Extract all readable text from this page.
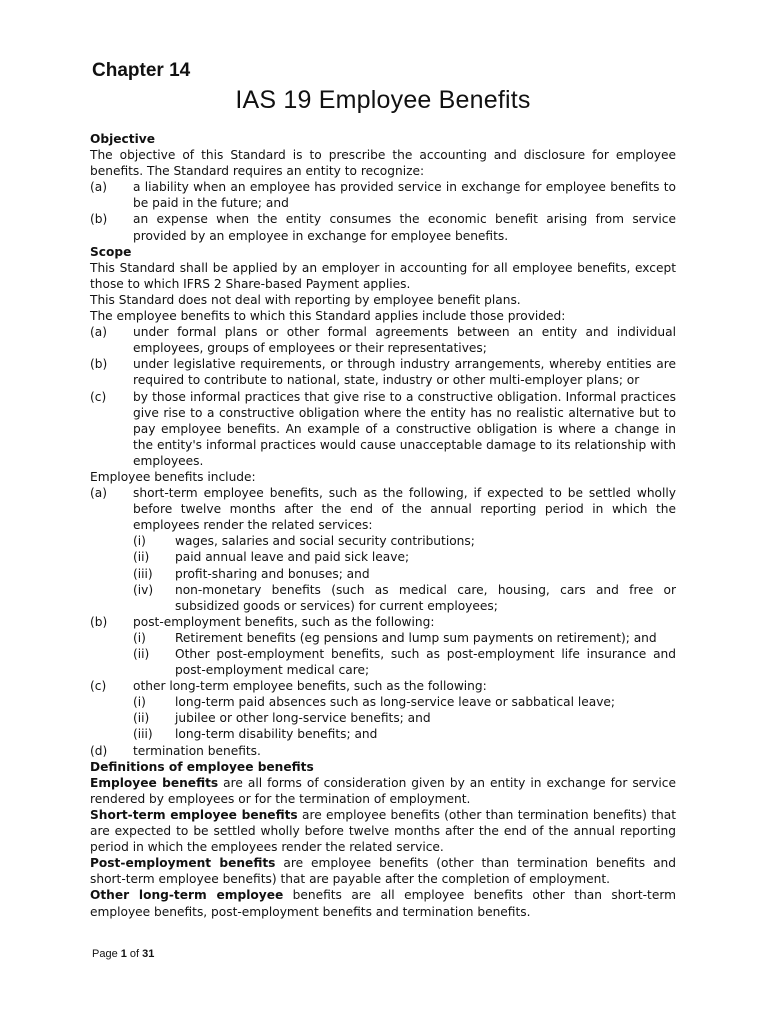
Chapter 14
IAS 19 Employee Benefits
Objective

The objective of this Standard is to prescribe the accounting and disclosure for employee benefits. The Standard requires an entity to recognize:

(a)	a liability when an employee has provided service in exchange for employee benefits to be paid in the future; and
(b)	an expense when the entity consumes the economic benefit arising from service provided by an employee in exchange for employee benefits.
Scope

This Standard shall be applied by an employer in accounting for all employee benefits, except those to which IFRS 2 Share-based Payment applies.

This Standard does not deal with reporting by employee benefit plans.

The employee benefits to which this Standard applies include those provided:

(a)	under formal plans or other formal agreements between an entity and individual employees, groups of employees or their representatives;
(b)	under legislative requirements, or through industry arrangements, whereby entities are required to contribute to national, state, industry or other multi-employer plans; or
(c)	by those informal practices that give rise to a constructive obligation. Informal practices give rise to a constructive obligation where the entity has no realistic alternative but to pay employee benefits. An example of a constructive obligation is where a change in the entity's informal practices would cause unacceptable damage to its relationship with employees.

Employee benefits include:

(a)	short-term employee benefits, such as the following, if expected to be settled wholly before twelve months after the end of the annual reporting period in which the employees render the related services:
(i)	wages, salaries and social security contributions;
(ii)	paid annual leave and paid sick leave;
(iii)	profit-sharing and bonuses; and
(iv)	non-monetary benefits (such as medical care, housing, cars and free or subsidized goods or services) for current employees;
(b)	post-employment benefits, such as the following:
(i)	Retirement benefits (eg pensions and lump sum payments on retirement); and
(ii)	Other post-employment benefits, such as post-employment life insurance and post-employment medical care;
(c)	other long-term employee benefits, such as the following:
(i)	long-term paid absences such as long-service leave or sabbatical leave;
(ii)	jubilee or other long-service benefits; and
(iii)	long-term disability benefits; and
(d)	termination benefits.
Definitions of employee benefits

Employee benefits are all forms of consideration given by an entity in exchange for service rendered by employees or for the termination of employment.

Short-term employee benefits are employee benefits (other than termination benefits) that are expected to be settled wholly before twelve months after the end of the annual reporting period in which the employees render the related service.

Post-employment benefits are employee benefits (other than termination benefits and short-term employee benefits) that are payable after the completion of employment.

Other long-term employee benefits are all employee benefits other than short-term employee benefits, post-employment benefits and termination benefits.

Page 1 of 31
